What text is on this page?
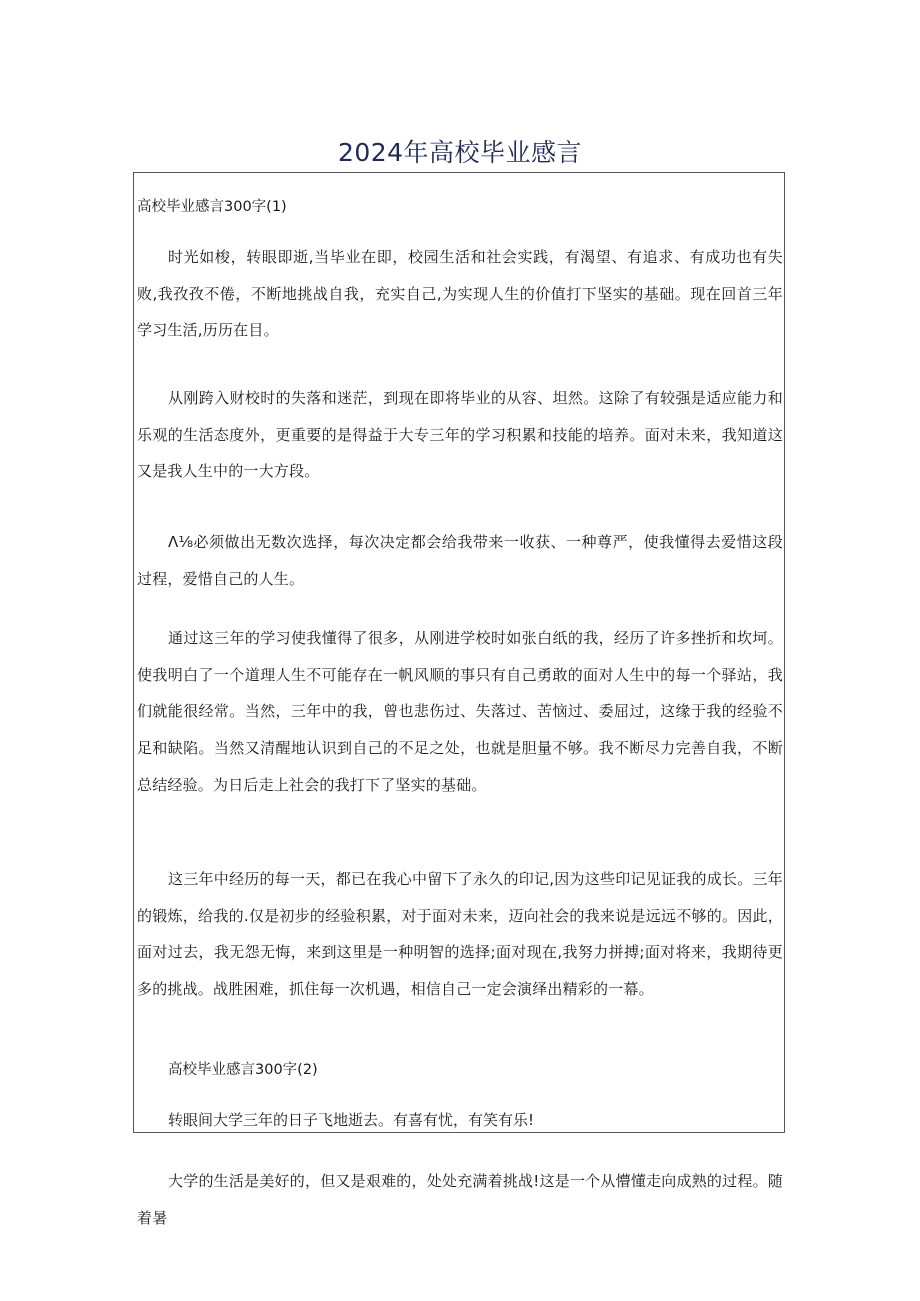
2024年高校毕业感言

高校毕业感言300字(1)

时光如梭，转眼即逝,当毕业在即，校园生活和社会实践，有渴望、有追求、有成功也有失败,我孜孜不倦，不断地挑战自我，充实自己,为实现人生的价值打下坚实的基础。现在回首三年学习生活,历历在目。

从刚跨入财校时的失落和迷茫，到现在即将毕业的从容、坦然。这除了有较强是适应能力和乐观的生活态度外，更重要的是得益于大专三年的学习积累和技能的培养。面对未来，我知道这又是我人生中的一大方段。

Λ⅛必须做出无数次选择，每次决定都会给我带来一收获、一种尊严，使我懂得去爱惜这段过程，爱惜自己的人生。

通过这三年的学习使我懂得了很多，从刚进学校时如张白纸的我，经历了许多挫折和坎坷。使我明白了一个道理人生不可能存在一帆风顺的事只有自己勇敢的面对人生中的每一个驿站，我们就能很经常。当然，三年中的我，曾也悲伤过、失落过、苦恼过、委屈过，这缘于我的经验不足和缺陷。当然又清醒地认识到自己的不足之处，也就是胆量不够。我不断尽力完善自我，不断总结经验。为日后走上社会的我打下了坚实的基础。

这三年中经历的每一天，都已在我心中留下了永久的印记,因为这些印记见证我的成长。三年的锻炼，给我的.仅是初步的经验积累，对于面对未来，迈向社会的我来说是远远不够的。因此，面对过去，我无怨无悔，来到这里是一种明智的选择;面对现在,我努力拼搏;面对将来，我期待更多的挑战。战胜困难，抓住每一次机遇，相信自己一定会演绎出精彩的一幕。

高校毕业感言300字(2)

转眼间大学三年的日子飞地逝去。有喜有忧，有笑有乐!

大学的生活是美好的，但又是艰难的，处处充满着挑战!这是一个从懵懂走向成熟的过程。随着暑
